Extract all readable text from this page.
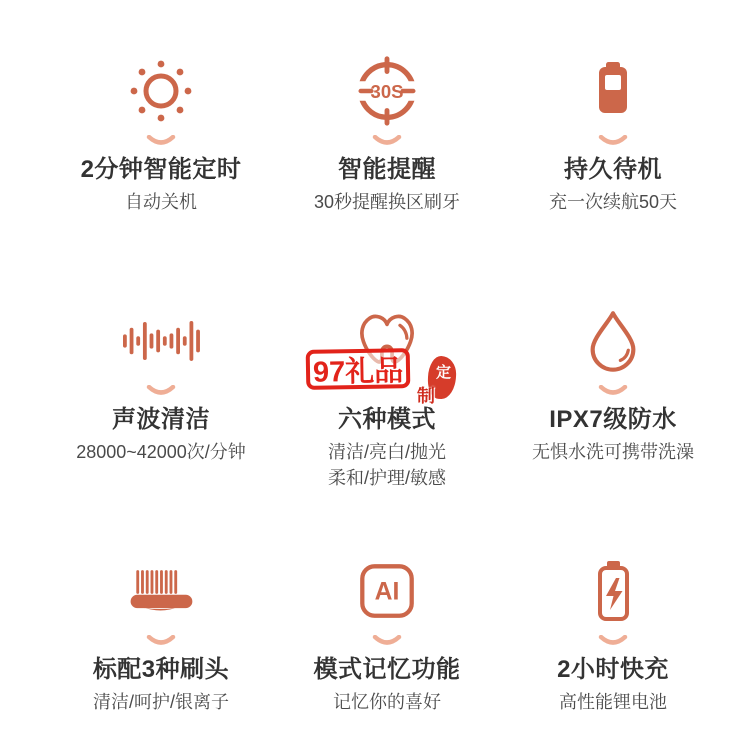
2分钟智能定时
自动关机
30S
智能提醒
30秒提醒换区刷牙
持久待机
充一次续航50天
声波清洁
28000~42000次/分钟
六种模式
清洁/亮白/抛光
柔和/护理/敏感
IPX7级防水
无惧水洗可携带洗澡
标配3种刷头
清洁/呵护/银离子
AI
模式记忆功能
记忆你的喜好
2小时快充
高性能锂电池
97礼品 定
制
